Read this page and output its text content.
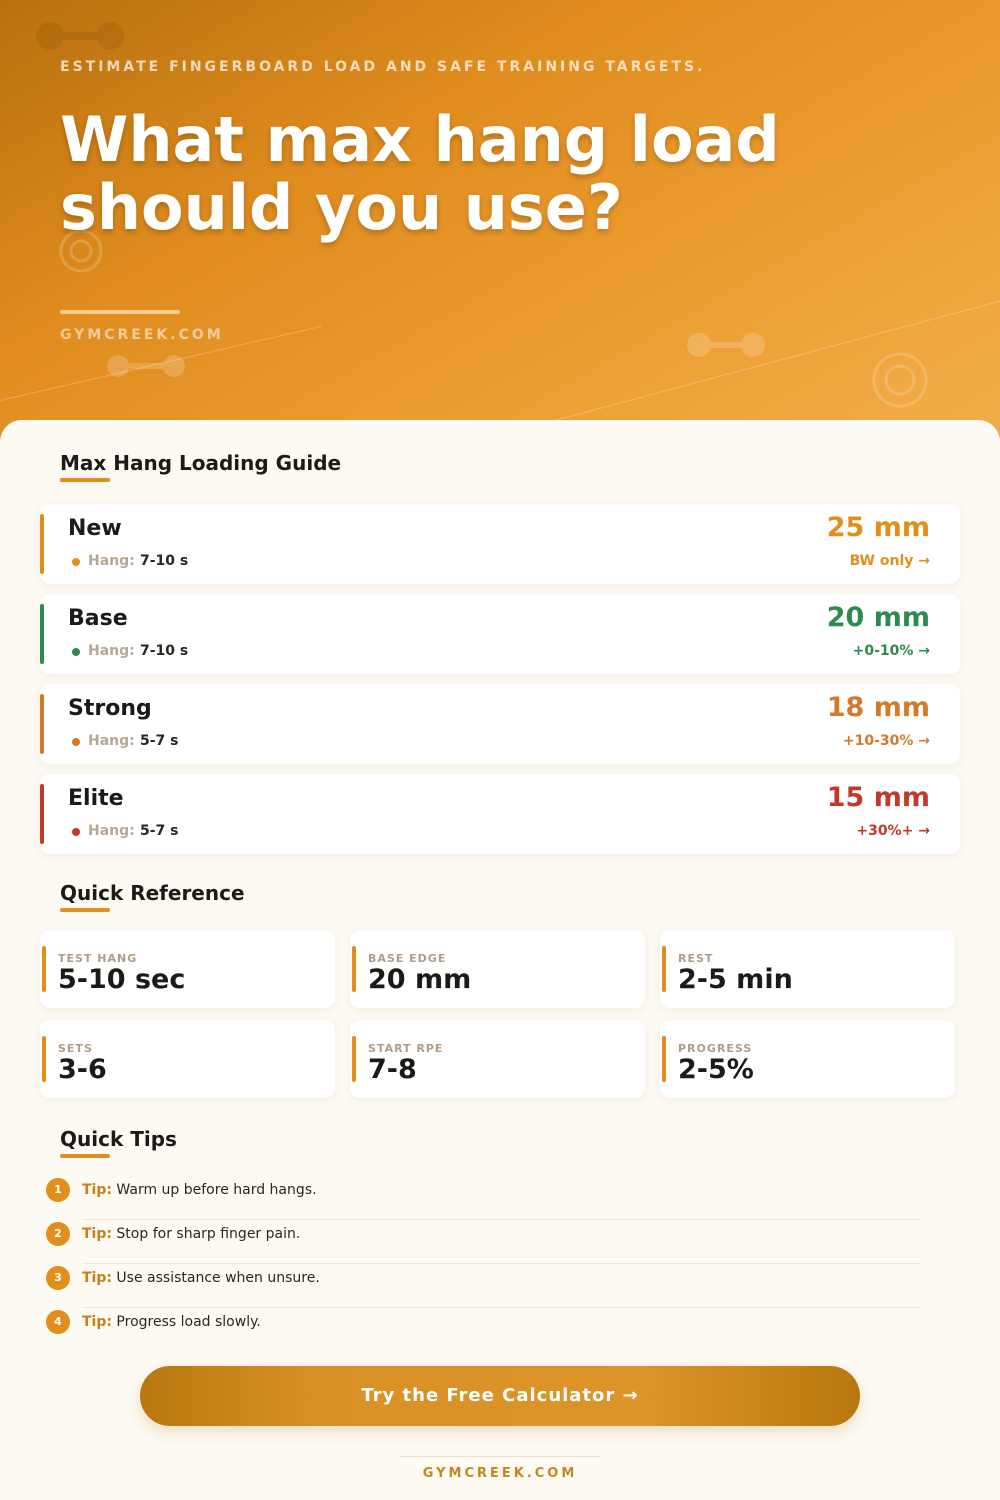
ESTIMATE FINGERBOARD LOAD AND SAFE TRAINING TARGETS.
What max hang load should you use?
GYMCREEK.COM
Max Hang Loading Guide
New
Hang: 7-10 s
25 mm
BW only →
Base
Hang: 7-10 s
20 mm
+0-10% →
Strong
Hang: 5-7 s
18 mm
+10-30% →
Elite
Hang: 5-7 s
15 mm
+30%+ →
Quick Reference
TEST HANG
5-10 sec
BASE EDGE
20 mm
REST
2-5 min
SETS
3-6
START RPE
7-8
PROGRESS
2-5%
Quick Tips
1	Tip: Warm up before hard hangs.
2	Tip: Stop for sharp finger pain.
3	Tip: Use assistance when unsure.
4	Tip: Progress load slowly.
Try the Free Calculator →
GYMCREEK.COM
